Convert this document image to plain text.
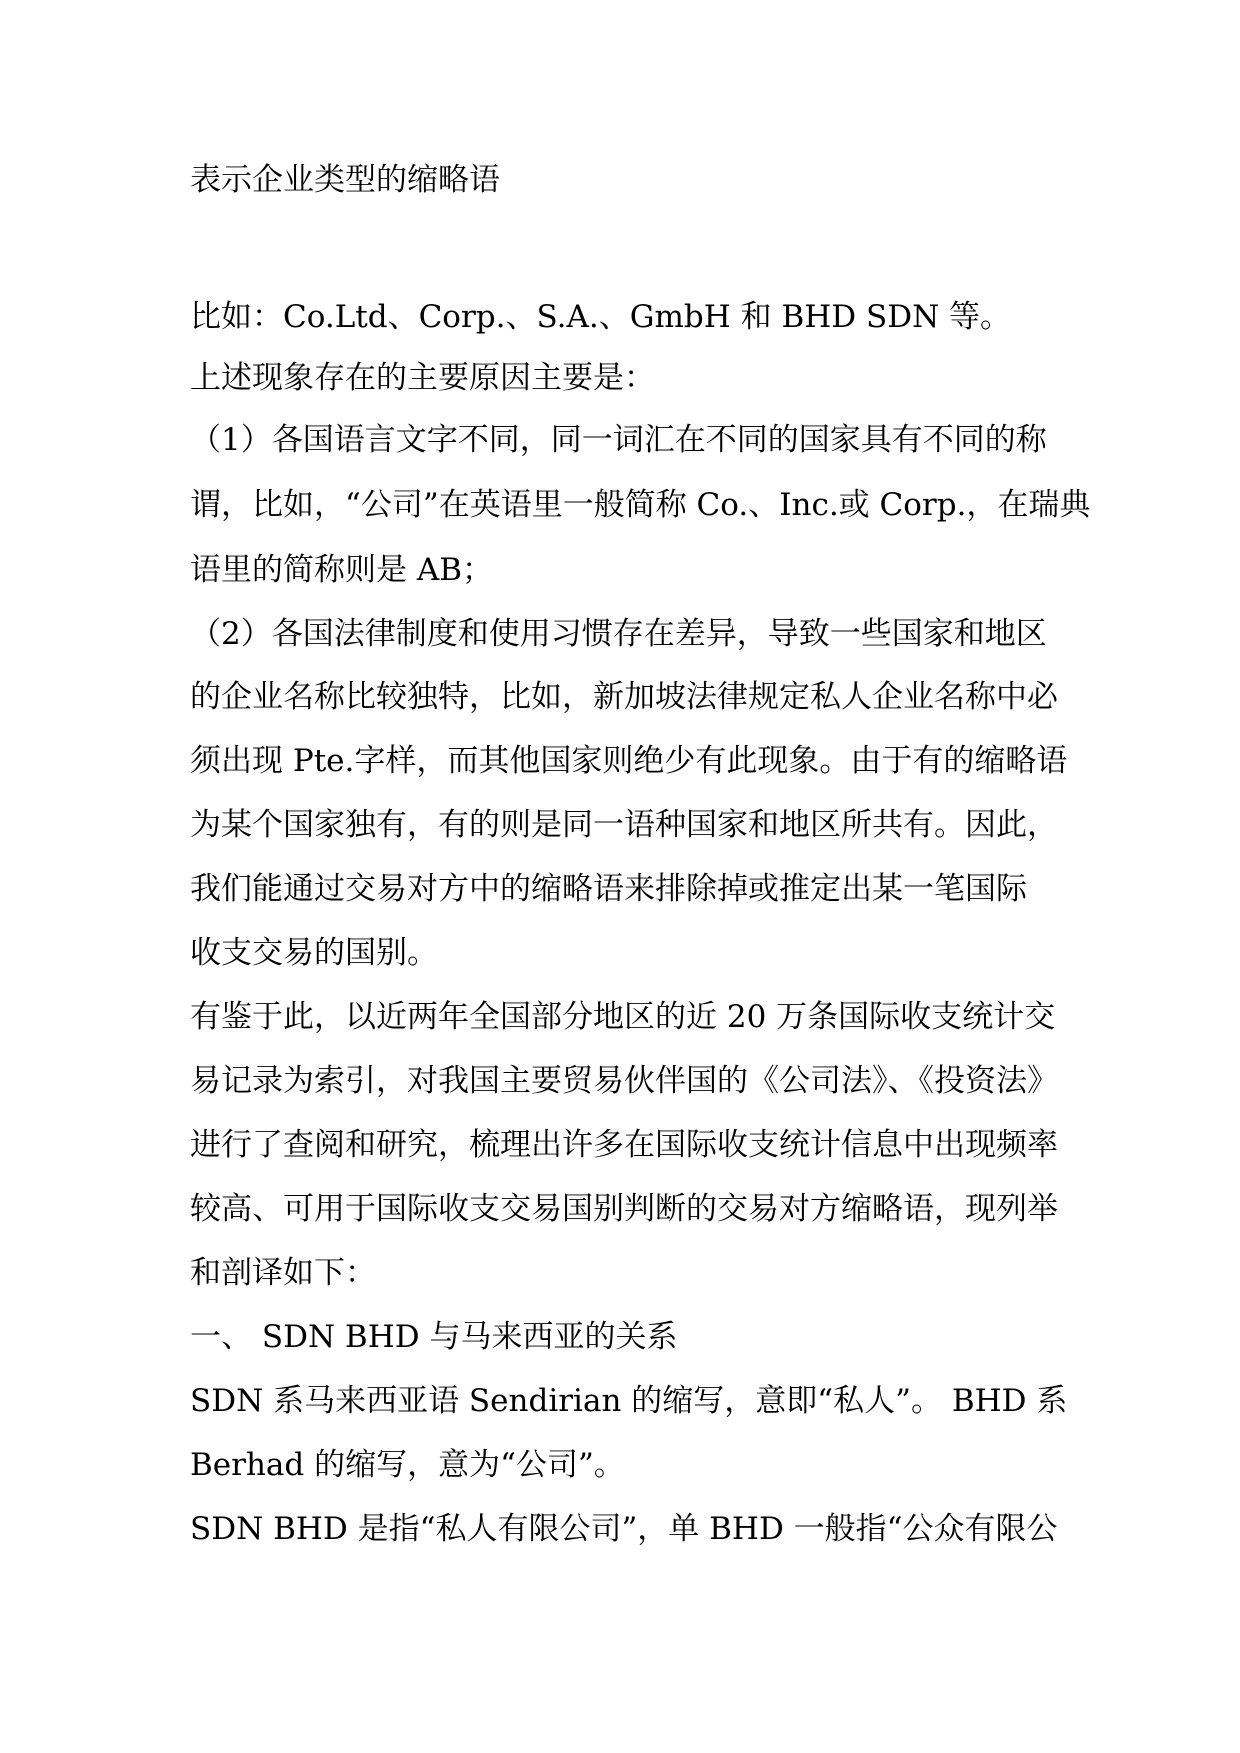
表示企业类型的缩略语
比如：Co.Ltd、Corp.、S.A.、GmbH 和 BHD SDN 等。
上述现象存在的主要原因主要是：
（1）各国语言文字不同，同一词汇在不同的国家具有不同的称
谓，比如，“公司”在英语里一般简称 Co.、Inc.或 Corp.，在瑞典
语里的简称则是 AB；
（2）各国法律制度和使用习惯存在差异，导致一些国家和地区
的企业名称比较独特，比如，新加坡法律规定私人企业名称中必
须出现 Pte.字样，而其他国家则绝少有此现象。由于有的缩略语
为某个国家独有，有的则是同一语种国家和地区所共有。因此，
我们能通过交易对方中的缩略语来排除掉或推定出某一笔国际
收支交易的国别。
有鉴于此，以近两年全国部分地区的近 20 万条国际收支统计交
易记录为索引，对我国主要贸易伙伴国的《公司法》、《投资法》
进行了查阅和研究，梳理出许多在国际收支统计信息中出现频率
较高、可用于国际收支交易国别判断的交易对方缩略语，现列举
和剖译如下：
一、 SDN BHD 与马来西亚的关系
SDN 系马来西亚语 Sendirian 的缩写，意即“私人”。 BHD 系
Berhad 的缩写，意为“公司”。
SDN BHD 是指“私人有限公司”，单 BHD 一般指“公众有限公
